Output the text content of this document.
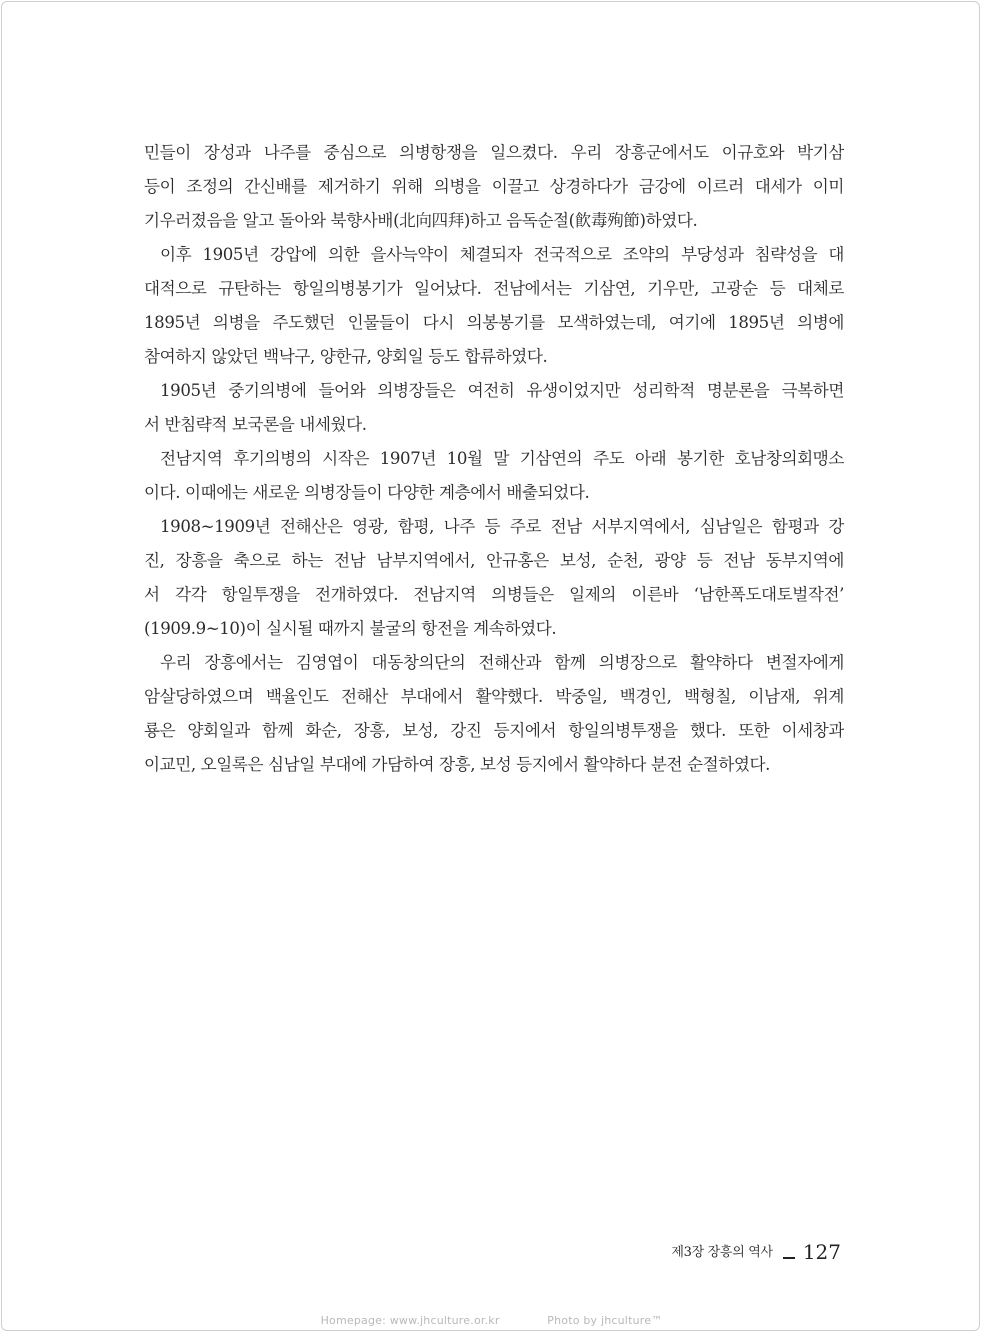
민들이 장성과 나주를 중심으로 의병항쟁을 일으켰다. 우리 장흥군에서도 이규호와 박기삼
등이 조정의 간신배를 제거하기 위해 의병을 이끌고 상경하다가 금강에 이르러 대세가 이미
기우러졌음을 알고 돌아와 북향사배(北向四拜)하고 음독순절(飮毒殉節)하였다.
이후 1905년 강압에 의한 을사늑약이 체결되자 전국적으로 조약의 부당성과 침략성을 대
대적으로 규탄하는 항일의병봉기가 일어났다. 전남에서는 기삼연, 기우만, 고광순 등 대체로
1895년 의병을 주도했던 인물들이 다시 의봉봉기를 모색하였는데, 여기에 1895년 의병에
참여하지 않았던 백낙구, 양한규, 양회일 등도 합류하였다.
1905년 중기의병에 들어와 의병장들은 여전히 유생이었지만 성리학적 명분론을 극복하면
서 반침략적 보국론을 내세웠다.
전남지역 후기의병의 시작은 1907년 10월 말 기삼연의 주도 아래 봉기한 호남창의회맹소
이다. 이때에는 새로운 의병장들이 다양한 계층에서 배출되었다.
1908~1909년 전해산은 영광, 함평, 나주 등 주로 전남 서부지역에서, 심남일은 함평과 강
진, 장흥을 축으로 하는 전남 남부지역에서, 안규홍은 보성, 순천, 광양 등 전남 동부지역에
서 각각 항일투쟁을 전개하였다. 전남지역 의병들은 일제의 이른바 ‘남한폭도대토벌작전’
(1909.9~10)이 실시될 때까지 불굴의 항전을 계속하였다.
우리 장흥에서는 김영엽이 대동창의단의 전해산과 함께 의병장으로 활약하다 변절자에게
암살당하였으며 백율인도 전해산 부대에서 활약했다. 박중일, 백경인, 백형칠, 이남재, 위계
룡은 양회일과 함께 화순, 장흥, 보성, 강진 등지에서 항일의병투쟁을 했다. 또한 이세창과
이교민, 오일록은 심남일 부대에 가담하여 장흥, 보성 등지에서 활약하다 분전 순절하였다.
제3장 장흥의 역사 127
Homepage: www.jhculture.or.kr	Photo by jhculture™
